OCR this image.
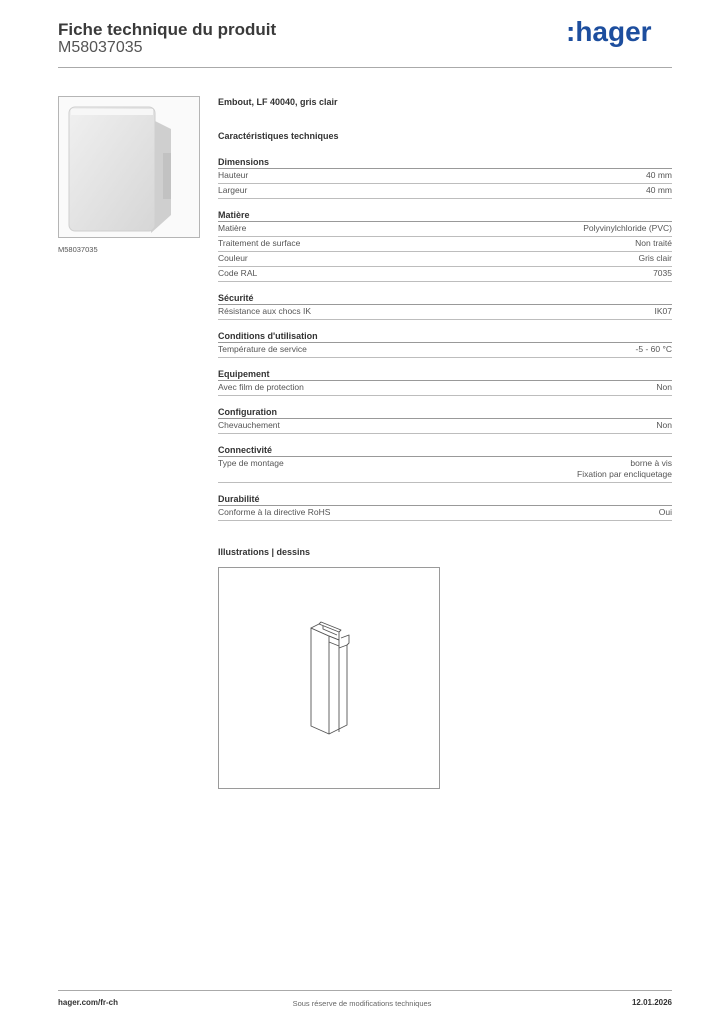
Fiche technique du produit
M58037035
:hager
M58037035
Embout, LF 40040, gris clair
Caractéristiques techniques
Dimensions
Hauteur	40 mm
Largeur	40 mm
Matière
Matière	Polyvinylchloride (PVC)
Traitement de surface	Non traité
Couleur	Gris clair
Code RAL	7035
Sécurité
Résistance aux chocs IK	IK07
Conditions d'utilisation
Température de service	-5 - 60 °C
Equipement
Avec film de protection	Non
Configuration
Chevauchement	Non
Connectivité
Type de montage	borne à vis
Fixation par encliquetage
Durabilité
Conforme à la directive RoHS	Oui
Illustrations | dessins
hager.com/fr-ch	Sous réserve de modifications techniques	12.01.2026
